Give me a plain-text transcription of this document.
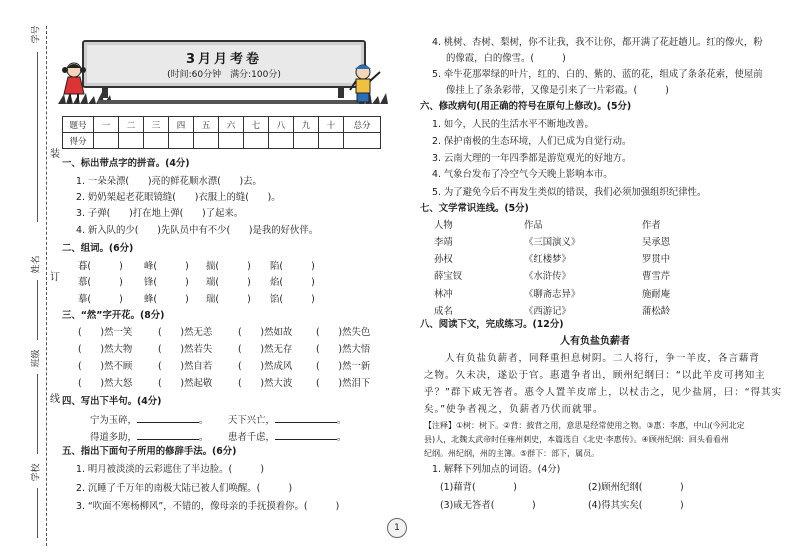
学号
姓名
班级
学校
装
订
线
3月月考卷
(时间:60分钟　满分:100分)
题号	一	二	三	四	五	六	七	八	九	十	总分
得分											
一、标出带点字的拼音。(4分)
1. 一朵朵漂(　　)亮的鲜花顺水漂(　　)去。
2. 奶奶架起老花眼镜缝(　　)衣服上的缝(　　)。
3. 子弹(　　)打在地上弹(　　)了起来。
4. 新入队的少(　　)先队员中有不少(　　)是我的好伙伴。
二、组词。(6分)
暮(　　　) 峰(　　　) 揣(　　　) 陷(　　　)
慕(　　　) 锋(　　　) 端(　　　) 焰(　　　)
摹(　　　) 蜂(　　　) 瑞(　　　) 馅(　　　)
三、“然”字开花。(8分)
(　　)然一笑	(　　)然无恙	(　　)然如故	(　　)然失色
(　　)然大物	(　　)然若失	(　　)然无存	(　　)然大悟
(　　)然不顾	(　　)然自若	(　　)然成风	(　　)然一新
(　　)然大怒	(　　)然起敬	(　　)然大波	(　　)然泪下
四、写出下半句。(4分)
宁为玉碎，	。 天下兴亡，	。
得道多助，	。 患者千虑，	。
五、指出下面句子所用的修辞手法。(6分)
1. 明月被淡淡的云彩遮住了半边脸。(　　　)
2. 沉睡了千万年的南极大陆已被人们唤醒。(　　　)
3. “吹面不寒杨柳风”，不错的，像母亲的手抚摸着你。(　　　)
4. 桃树、杏树、梨树，你不让我，我不让你，都开满了花赶趟儿。红的像火，粉
的像霞，白的像雪。(　　　)
5. 牵牛花那翠绿的叶片，红的、白的、紫的、蓝的花，组成了条条花索，使屋前
像挂上了条条彩带，又像是引来了一片彩霞。(　　　)
六、修改病句(用正确的符号在原句上修改)。(5分)
1. 如今，人民的生活水平不断地改善。
2. 保护南极的生态环境，人们已成为自觉行动。
3. 云南大理的一年四季都是游览观光的好地方。
4. 气象台发布了冷空气今天晚上影响本市。
5. 为了避免今后不再发生类似的错误，我们必须加强组织纪律性。
七、文学常识连线。(5分)
人物	作品	作者
李靖	《三国演义》	吴承恩
孙权	《红楼梦》	罗贯中
薛宝钗	《水浒传》	曹雪芹
林冲	《聊斋志异》	施耐庵
成名	《西游记》	蒲松龄
八、阅读下文，完成练习。(12分)
人有负盐负薪者
　　人有负盐负薪者，同释重担息树阴。二人将行，争一羊皮，各言藉背
之物。久未决，遂讼于官。惠遣争者出，顾州纪纲曰：“以此羊皮可拷知主
乎？”群下咸无答者。惠令人置羊皮席上，以杖击之，见少盐屑，曰：“得其实
矣。”使争者视之，负薪者乃伏而就罪。
【注释】①树：树下。②背：披背之用，意思是经常使用之物。③惠：李惠，中山(今河北定
县)人，北魏太武帝时任雍州刺史，本篇选自《北史·李惠传》。④顾州纪纲：回头看看州
纪纲。州纪纲，州的主簿。⑤群下：部下，属员。
1. 解释下列加点的词语。(4分)
(1)藉背(　　　　)	(2)顾州纪纲(　　　　)
(3)咸无答者(　　　　)	(4)得其实矣(　　　　)
1
